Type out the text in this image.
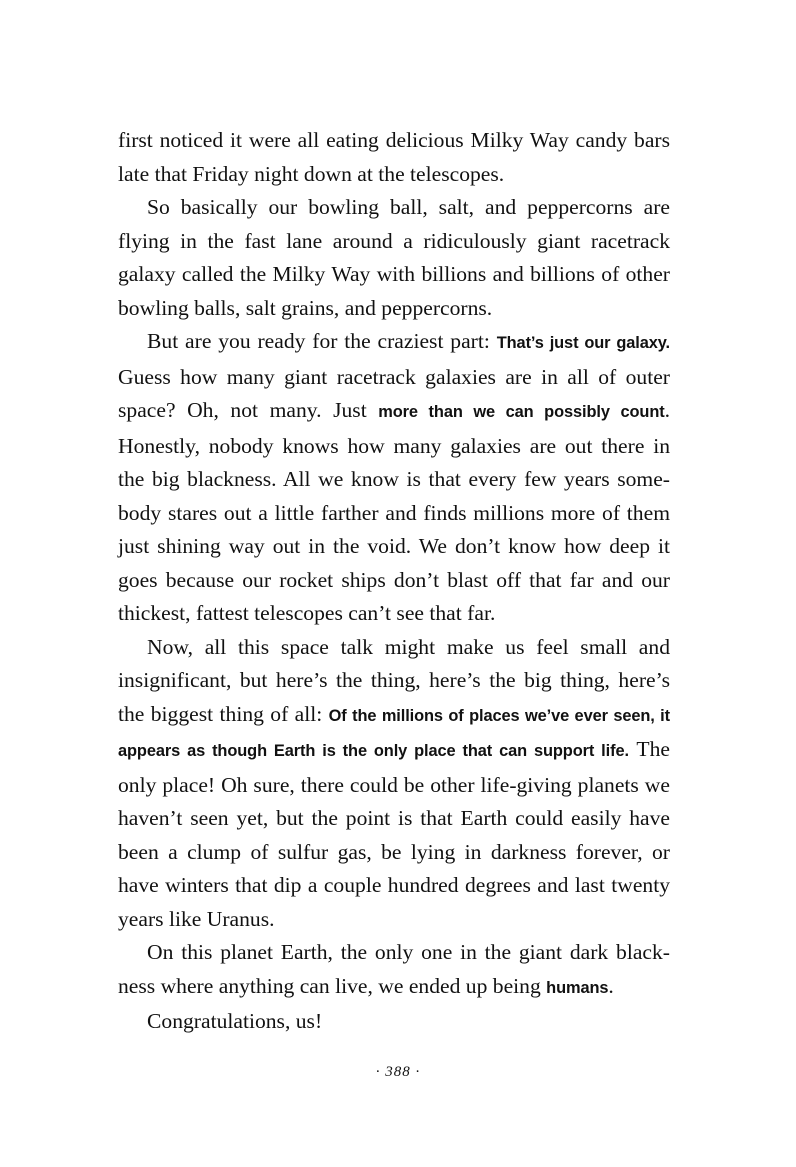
first noticed it were all eating delicious Milky Way candy bars late that Friday night down at the telescopes.

So basically our bowling ball, salt, and peppercorns are flying in the fast lane around a ridiculously giant racetrack galaxy called the Milky Way with billions and billions of other bowling balls, salt grains, and peppercorns.

But are you ready for the craziest part: That’s just our galaxy. Guess how many giant racetrack galaxies are in all of outer space? Oh, not many. Just more than we can possibly count. Honestly, nobody knows how many galaxies are out there in the big blackness. All we know is that every few years somebody stares out a little farther and finds millions more of them just shining way out in the void. We don’t know how deep it goes because our rocket ships don’t blast off that far and our thickest, fattest telescopes can’t see that far.

Now, all this space talk might make us feel small and insignificant, but here’s the thing, here’s the big thing, here’s the biggest thing of all: Of the millions of places we’ve ever seen, it appears as though Earth is the only place that can support life. The only place! Oh sure, there could be other life-giving planets we haven’t seen yet, but the point is that Earth could easily have been a clump of sulfur gas, be lying in darkness forever, or have winters that dip a couple hundred degrees and last twenty years like Uranus.

On this planet Earth, the only one in the giant dark blackness where anything can live, we ended up being humans.

Congratulations, us!

· 388 ·
